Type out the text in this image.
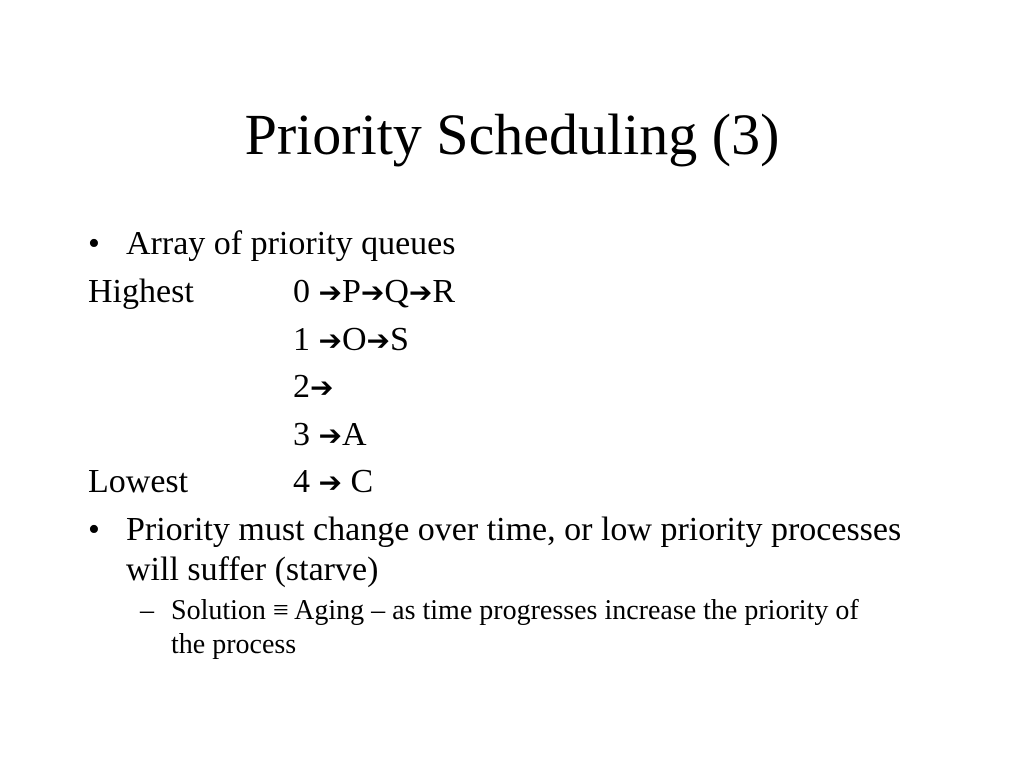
Priority Scheduling (3)
• Array of priority queues
Highest	0 ➔P➔Q➔R
1 ➔O➔S
2➔
3 ➔A
Lowest	4 ➔ C
• Priority must change over time, or low priority processes will suffer (starve)
– Solution ≡ Aging – as time progresses increase the priority of the process
